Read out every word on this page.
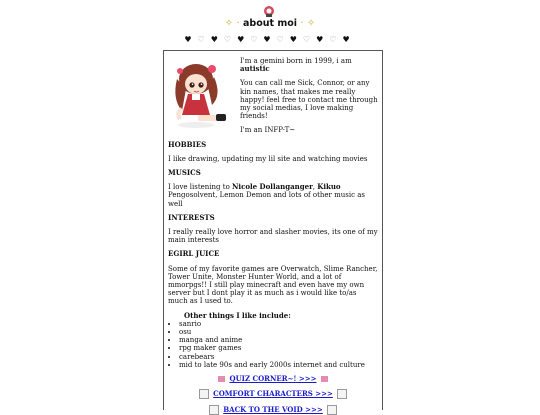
✧ · about moi · ✧
♥♡♥♡♥♡♥♡♥♡♥♡♥

I'm a gemini born in 1999, i am autistic

You can call me Sick, Connor, or any kin names, that makes me really happy! feel free to contact me through my social medias, I love making friends!

I'm an INFP-T~

HOBBIES

I like drawing, updating my lil site and watching movies

MUSICS

I love listening to Nicole Dollanganger, Kikuo Pengosolvent, Lemon Demon and lots of other music as well

INTERESTS

I really really love horror and slasher movies, its one of my main interests

EGIRL JUICE

Some of my favorite games are Overwatch, Slime Rancher, Tower Unite, Monster Hunter World, and a lot of mmorpgs!! I still play minecraft and even have my own server but I dont play it as much as i would like to/as much as I used to.

Other things I like include:
• sanrio
• osu
• manga and anime
• rpg maker games
• carebears
• mid to late 90s and early 2000s internet and culture
QUIZ CORNER~! >>>
COMFORT CHARACTERS >>>
BACK TO THE VOID >>>
